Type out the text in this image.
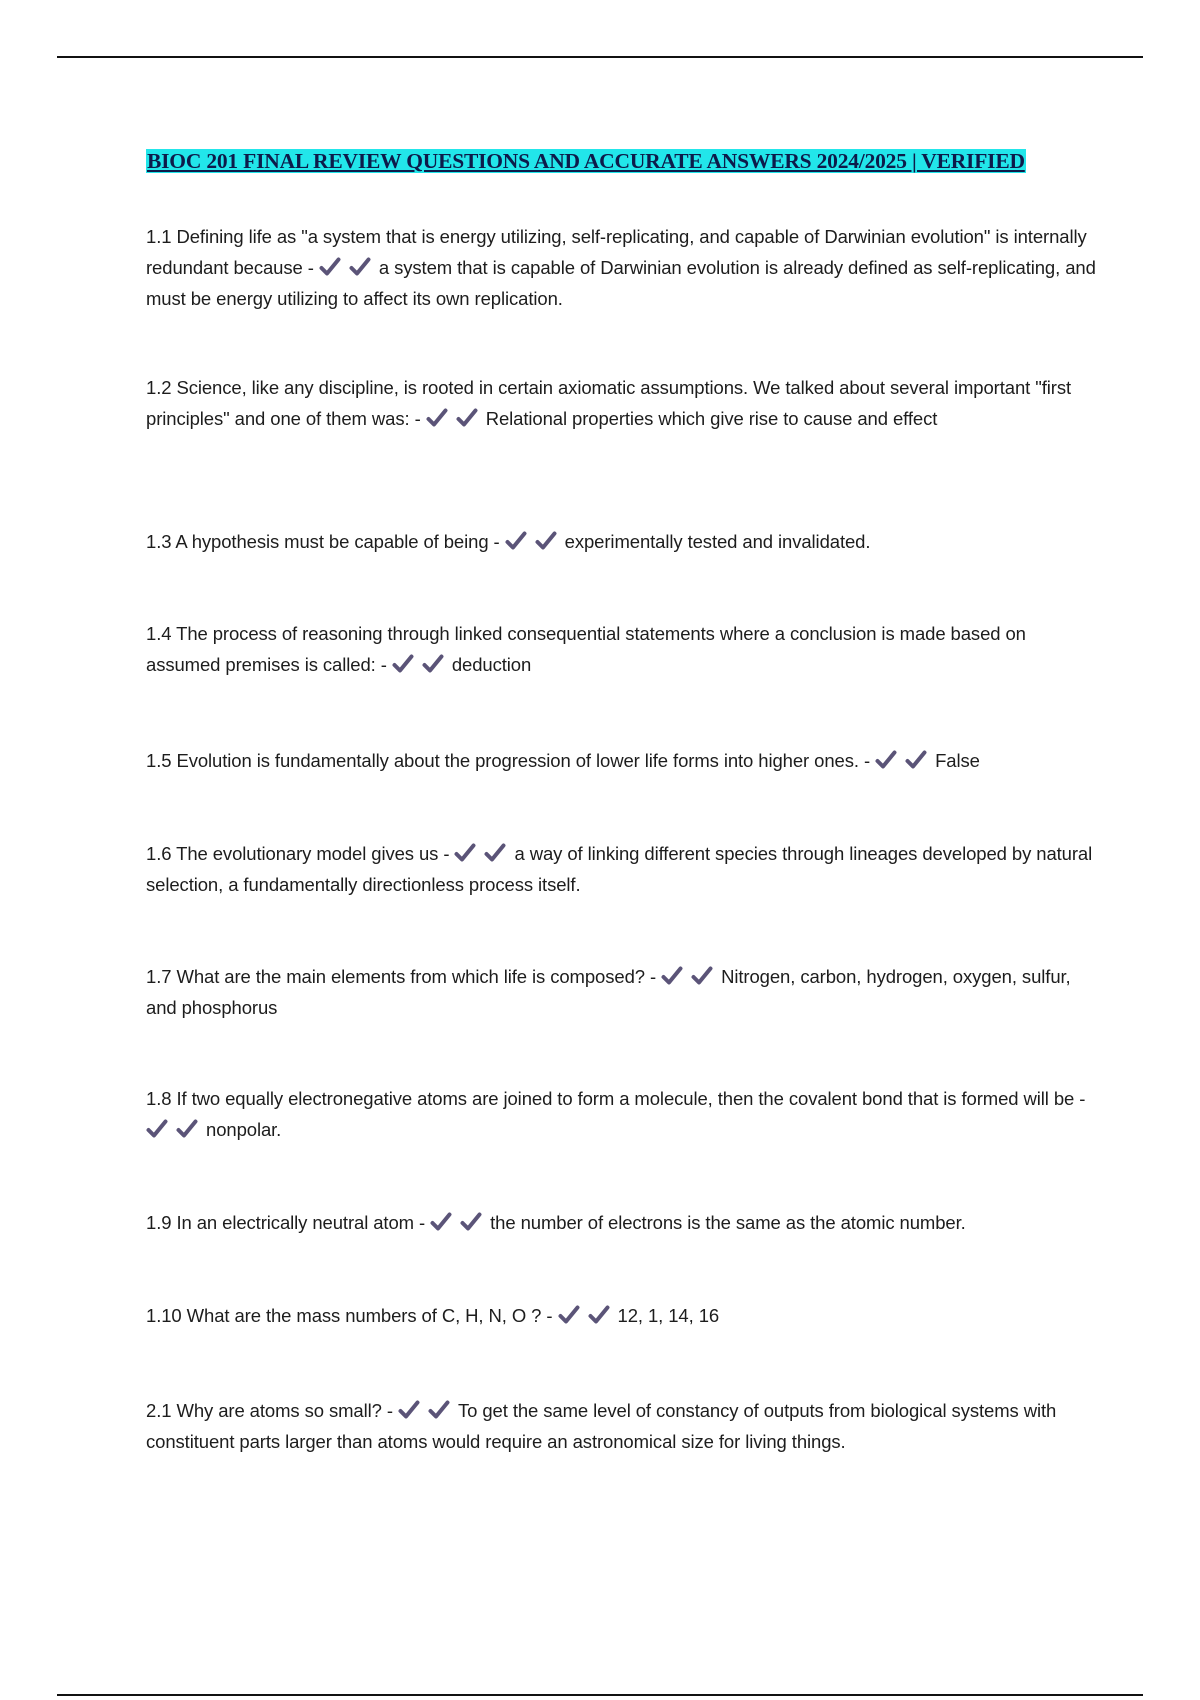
BIOC 201 FINAL REVIEW QUESTIONS AND ACCURATE ANSWERS 2024/2025 | VERIFIED

1.1 Defining life as "a system that is energy utilizing, self-replicating, and capable of Darwinian evolution" is internally redundant because -	a system that is capable of Darwinian evolution is already defined as self-replicating, and must be energy utilizing to affect its own replication.

1.2 Science, like any discipline, is rooted in certain axiomatic assumptions. We talked about several important "first principles" and one of them was: -	Relational properties which give rise to cause and effect

1.3 A hypothesis must be capable of being -	experimentally tested and invalidated.

1.4 The process of reasoning through linked consequential statements where a conclusion is made based on assumed premises is called: -	deduction

1.5 Evolution is fundamentally about the progression of lower life forms into higher ones. -	False

1.6 The evolutionary model gives us -	a way of linking different species through lineages developed by natural selection, a fundamentally directionless process itself.

1.7 What are the main elements from which life is composed? -	Nitrogen, carbon, hydrogen, oxygen, sulfur, and phosphorus

1.8 If two equally electronegative atoms are joined to form a molecule, then the covalent bond that is formed will be -
nonpolar.

1.9 In an electrically neutral atom -	the number of electrons is the same as the atomic number.

1.10 What are the mass numbers of C, H, N, O ? -	12, 1, 14, 16

2.1 Why are atoms so small? -	To get the same level of constancy of outputs from biological systems with constituent parts larger than atoms would require an astronomical size for living things.
